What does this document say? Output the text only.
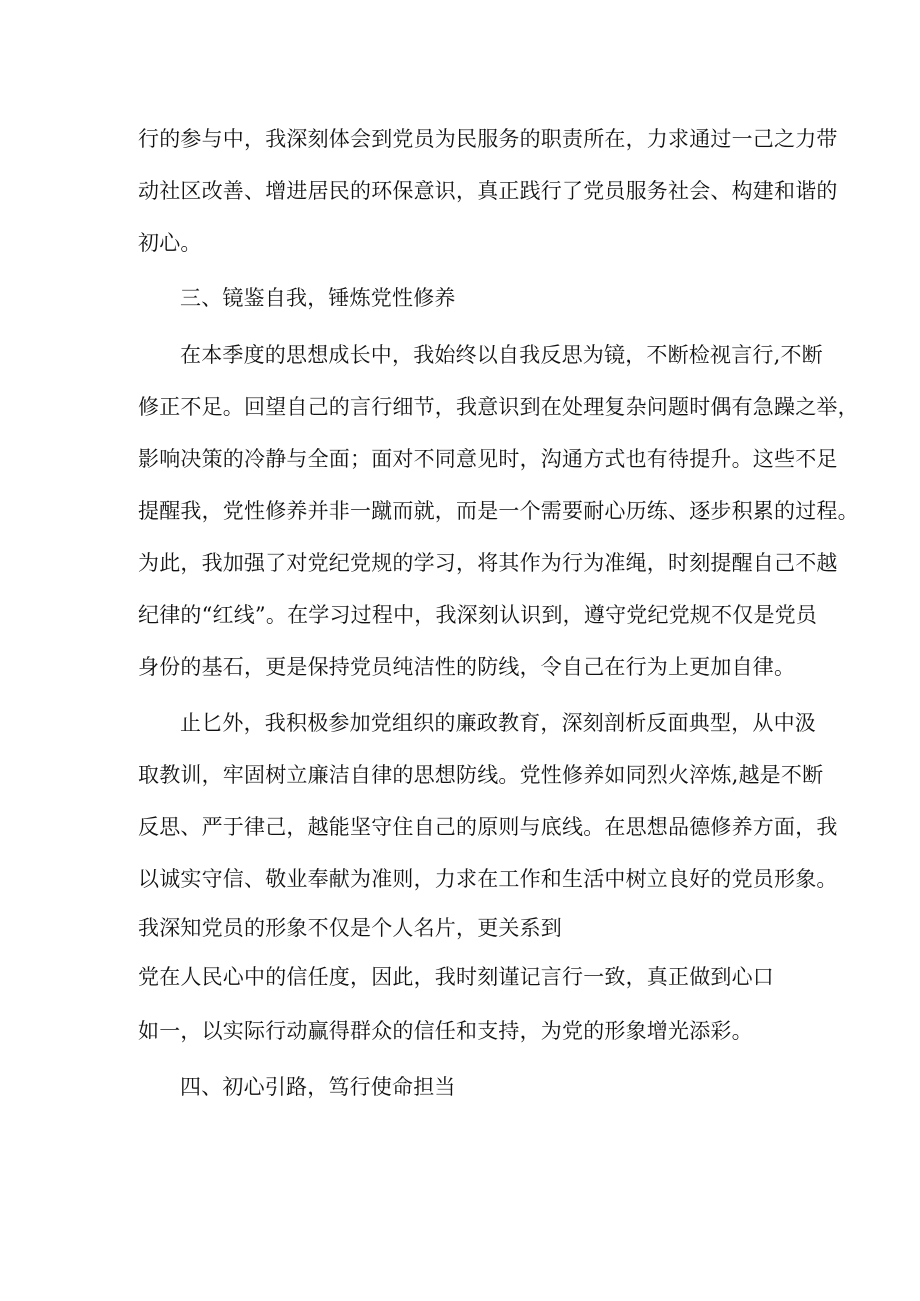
行的参与中，我深刻体会到党员为民服务的职责所在，力求通过一己之力带
动社区改善、增进居民的环保意识，真正践行了党员服务社会、构建和谐的
初心。
三、镜鉴自我，锤炼党性修养
在本季度的思想成长中，我始终以自我反思为镜，不断检视言行,不断
修正不足。回望自己的言行细节，我意识到在处理复杂问题时偶有急躁之举，
影响决策的冷静与全面；面对不同意见时，沟通方式也有待提升。这些不足
提醒我，党性修养并非一蹴而就，而是一个需要耐心历练、逐步积累的过程。
为此，我加强了对党纪党规的学习，将其作为行为准绳，时刻提醒自己不越
纪律的“红线”。在学习过程中，我深刻认识到，遵守党纪党规不仅是党员
身份的基石，更是保持党员纯洁性的防线，令自己在行为上更加自律。
止匕外，我积极参加党组织的廉政教育，深刻剖析反面典型，从中汲
取教训，牢固树立廉洁自律的思想防线。党性修养如同烈火淬炼,越是不断
反思、严于律己，越能坚守住自己的原则与底线。在思想品德修养方面，我
以诚实守信、敬业奉献为准则，力求在工作和生活中树立良好的党员形象。
我深知党员的形象不仅是个人名片，更关系到
党在人民心中的信任度，因此，我时刻谨记言行一致，真正做到心口
如一，以实际行动赢得群众的信任和支持，为党的形象增光添彩。
四、初心引路，笃行使命担当
